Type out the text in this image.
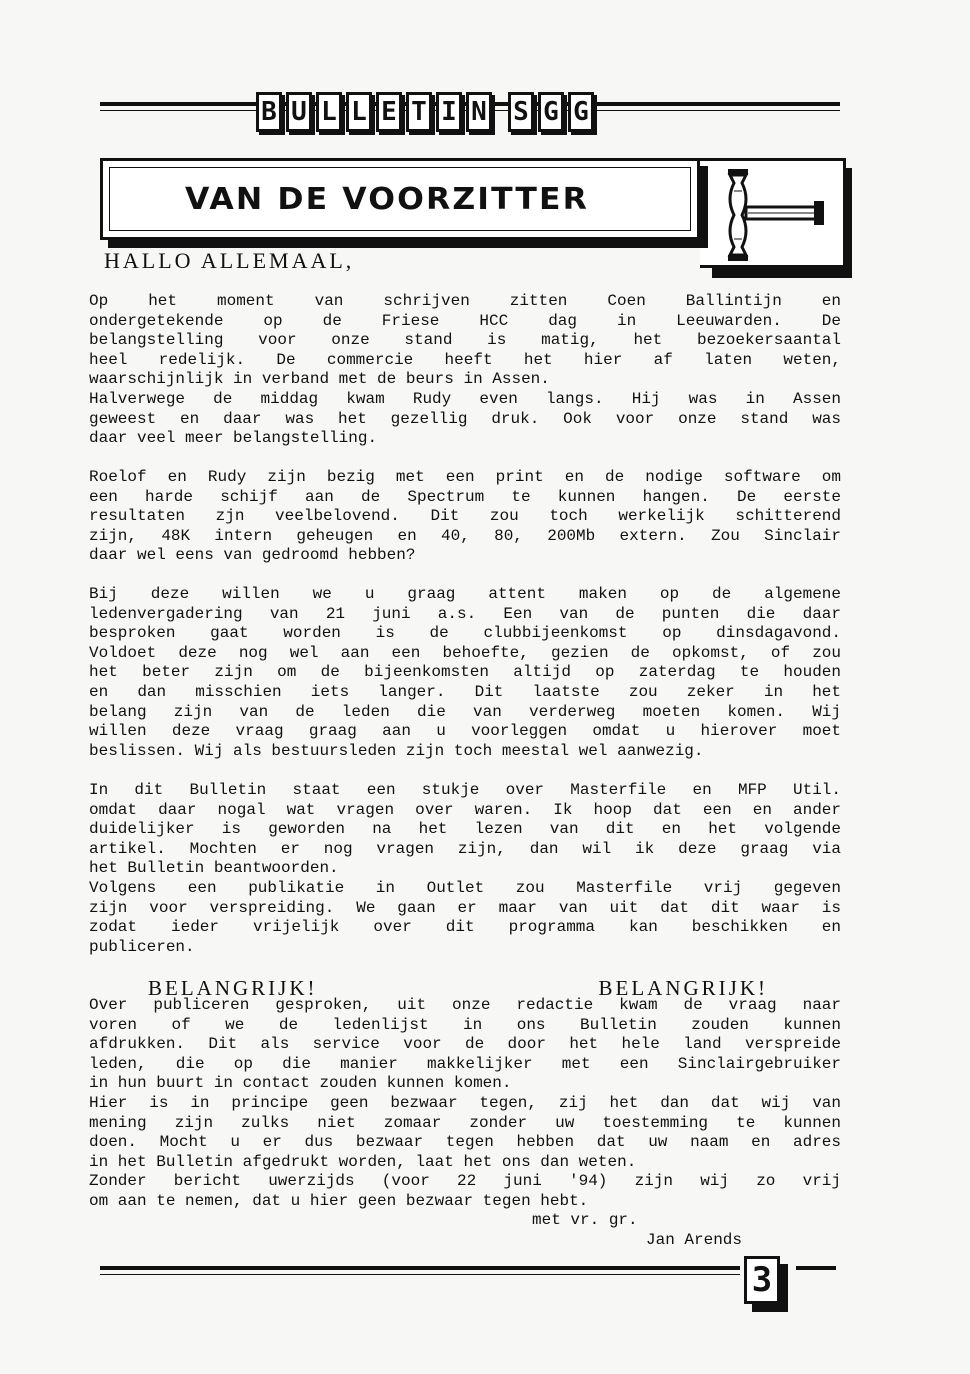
B U L L E T I N S G G
VAN DE VOORZITTER
HALLO ALLEMAAL,
Op het moment van schrijven zitten Coen Ballintijn en
ondergetekende op de Friese HCC dag in Leeuwarden. De
belangstelling voor onze stand is matig, het bezoekersaantal
heel redelijk. De commercie heeft het hier af laten weten,
waarschijnlijk in verband met de beurs in Assen.
Halverwege de middag kwam Rudy even langs. Hij was in Assen
geweest en daar was het gezellig druk. Ook voor onze stand was
daar veel meer belangstelling.
Roelof en Rudy zijn bezig met een print en de nodige software om
een harde schijf aan de Spectrum te kunnen hangen. De eerste
resultaten zjn veelbelovend. Dit zou toch werkelijk schitterend
zijn, 48K intern geheugen en 40, 80, 200Mb extern. Zou Sinclair
daar wel eens van gedroomd hebben?
Bij deze willen we u graag attent maken op de algemene
ledenvergadering van 21 juni a.s. Een van de punten die daar
besproken gaat worden is de clubbijeenkomst op dinsdagavond.
Voldoet deze nog wel aan een behoefte, gezien de opkomst, of zou
het beter zijn om de bijeenkomsten altijd op zaterdag te houden
en dan misschien iets langer. Dit laatste zou zeker in het
belang zijn van de leden die van verderweg moeten komen. Wij
willen deze vraag graag aan u voorleggen omdat u hierover moet
beslissen. Wij als bestuursleden zijn toch meestal wel aanwezig.
In dit Bulletin staat een stukje over Masterfile en MFP Util.
omdat daar nogal wat vragen over waren. Ik hoop dat een en ander
duidelijker is geworden na het lezen van dit en het volgende
artikel. Mochten er nog vragen zijn, dan wil ik deze graag via
het Bulletin beantwoorden.
Volgens een publikatie in Outlet zou Masterfile vrij gegeven
zijn voor verspreiding. We gaan er maar van uit dat dit waar is
zodat ieder vrijelijk over dit programma kan beschikken en
publiceren.
BELANGRIJK!	BELANGRIJK!
Over publiceren gesproken, uit onze redactie kwam de vraag naar
voren of we de ledenlijst in ons Bulletin zouden kunnen
afdrukken. Dit als service voor de door het hele land verspreide
leden, die op die manier makkelijker met een Sinclairgebruiker
in hun buurt in contact zouden kunnen komen.
Hier is in principe geen bezwaar tegen, zij het dan dat wij van
mening zijn zulks niet zomaar zonder uw toestemming te kunnen
doen. Mocht u er dus bezwaar tegen hebben dat uw naam en adres
in het Bulletin afgedrukt worden, laat het ons dan weten.
Zonder bericht uwerzijds (voor 22 juni '94) zijn wij zo vrij
om aan te nemen, dat u hier geen bezwaar tegen hebt.
met vr. gr.
Jan Arends
3
